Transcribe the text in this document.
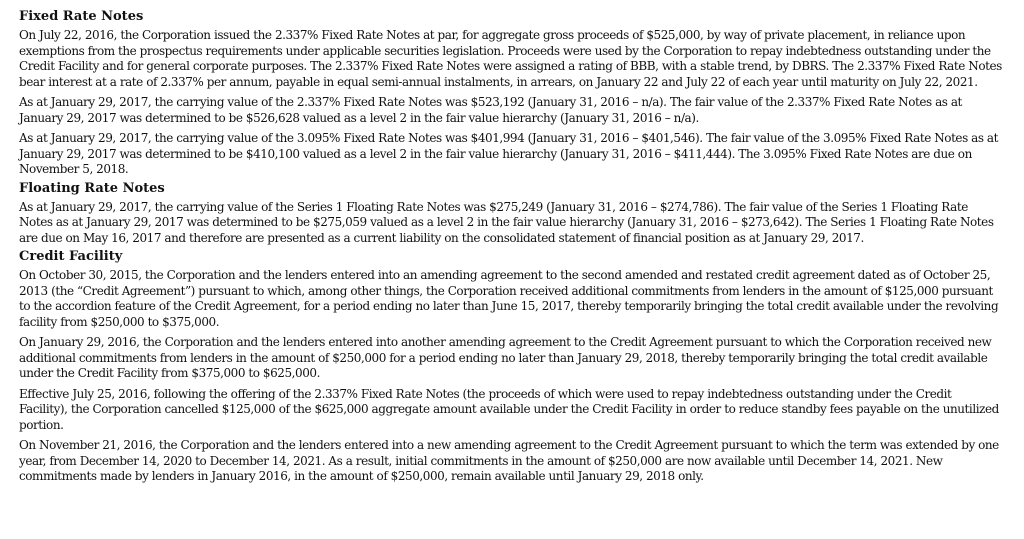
Fixed Rate Notes

On July 22, 2016, the Corporation issued the 2.337% Fixed Rate Notes at par, for aggregate gross proceeds of $525,000, by way of private placement, in reliance upon exemptions from the prospectus requirements under applicable securities legislation. Proceeds were used by the Corporation to repay indebtedness outstanding under the Credit Facility and for general corporate purposes. The 2.337% Fixed Rate Notes were assigned a rating of BBB, with a stable trend, by DBRS. The 2.337% Fixed Rate Notes bear interest at a rate of 2.337% per annum, payable in equal semi-annual instalments, in arrears, on January 22 and July 22 of each year until maturity on July 22, 2021.

As at January 29, 2017, the carrying value of the 2.337% Fixed Rate Notes was $523,192 (January 31, 2016 – n/a). The fair value of the 2.337% Fixed Rate Notes as at January 29, 2017 was determined to be $526,628 valued as a level 2 in the fair value hierarchy (January 31, 2016 – n/a).

As at January 29, 2017, the carrying value of the 3.095% Fixed Rate Notes was $401,994 (January 31, 2016 – $401,546). The fair value of the 3.095% Fixed Rate Notes as at January 29, 2017 was determined to be $410,100 valued as a level 2 in the fair value hierarchy (January 31, 2016 – $411,444). The 3.095% Fixed Rate Notes are due on November 5, 2018.

Floating Rate Notes

As at January 29, 2017, the carrying value of the Series 1 Floating Rate Notes was $275,249 (January 31, 2016 – $274,786). The fair value of the Series 1 Floating Rate Notes as at January 29, 2017 was determined to be $275,059 valued as a level 2 in the fair value hierarchy (January 31, 2016 – $273,642). The Series 1 Floating Rate Notes are due on May 16, 2017 and therefore are presented as a current liability on the consolidated statement of financial position as at January 29, 2017.

Credit Facility

On October 30, 2015, the Corporation and the lenders entered into an amending agreement to the second amended and restated credit agreement dated as of October 25, 2013 (the “Credit Agreement”) pursuant to which, among other things, the Corporation received additional commitments from lenders in the amount of $125,000 pursuant to the accordion feature of the Credit Agreement, for a period ending no later than June 15, 2017, thereby temporarily bringing the total credit available under the revolving facility from $250,000 to $375,000.

On January 29, 2016, the Corporation and the lenders entered into another amending agreement to the Credit Agreement pursuant to which the Corporation received new additional commitments from lenders in the amount of $250,000 for a period ending no later than January 29, 2018, thereby temporarily bringing the total credit available under the Credit Facility from $375,000 to $625,000.

Effective July 25, 2016, following the offering of the 2.337% Fixed Rate Notes (the proceeds of which were used to repay indebtedness outstanding under the Credit Facility), the Corporation cancelled $125,000 of the $625,000 aggregate amount available under the Credit Facility in order to reduce standby fees payable on the unutilized portion.

On November 21, 2016, the Corporation and the lenders entered into a new amending agreement to the Credit Agreement pursuant to which the term was extended by one year, from December 14, 2020 to December 14, 2021. As a result, initial commitments in the amount of $250,000 are now available until December 14, 2021. New commitments made by lenders in January 2016, in the amount of $250,000, remain available until January 29, 2018 only.
